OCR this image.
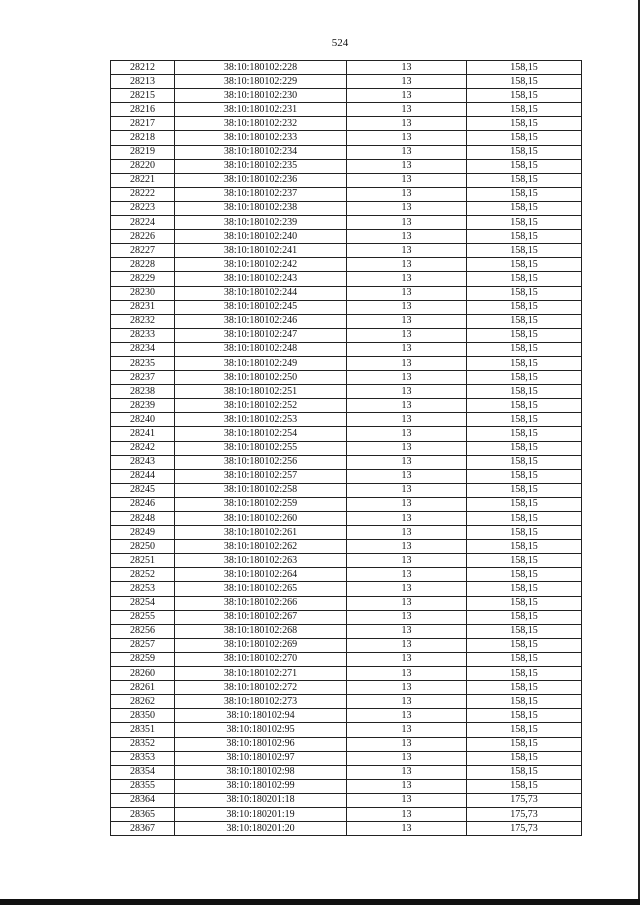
524
28212	38:10:180102:228	13	158,15
28213	38:10:180102:229	13	158,15
28215	38:10:180102:230	13	158,15
28216	38:10:180102:231	13	158,15
28217	38:10:180102:232	13	158,15
28218	38:10:180102:233	13	158,15
28219	38:10:180102:234	13	158,15
28220	38:10:180102:235	13	158,15
28221	38:10:180102:236	13	158,15
28222	38:10:180102:237	13	158,15
28223	38:10:180102:238	13	158,15
28224	38:10:180102:239	13	158,15
28226	38:10:180102:240	13	158,15
28227	38:10:180102:241	13	158,15
28228	38:10:180102:242	13	158,15
28229	38:10:180102:243	13	158,15
28230	38:10:180102:244	13	158,15
28231	38:10:180102:245	13	158,15
28232	38:10:180102:246	13	158,15
28233	38:10:180102:247	13	158,15
28234	38:10:180102:248	13	158,15
28235	38:10:180102:249	13	158,15
28237	38:10:180102:250	13	158,15
28238	38:10:180102:251	13	158,15
28239	38:10:180102:252	13	158,15
28240	38:10:180102:253	13	158,15
28241	38:10:180102:254	13	158,15
28242	38:10:180102:255	13	158,15
28243	38:10:180102:256	13	158,15
28244	38:10:180102:257	13	158,15
28245	38:10:180102:258	13	158,15
28246	38:10:180102:259	13	158,15
28248	38:10:180102:260	13	158,15
28249	38:10:180102:261	13	158,15
28250	38:10:180102:262	13	158,15
28251	38:10:180102:263	13	158,15
28252	38:10:180102:264	13	158,15
28253	38:10:180102:265	13	158,15
28254	38:10:180102:266	13	158,15
28255	38:10:180102:267	13	158,15
28256	38:10:180102:268	13	158,15
28257	38:10:180102:269	13	158,15
28259	38:10:180102:270	13	158,15
28260	38:10:180102:271	13	158,15
28261	38:10:180102:272	13	158,15
28262	38:10:180102:273	13	158,15
28350	38:10:180102:94	13	158,15
28351	38:10:180102:95	13	158,15
28352	38:10:180102:96	13	158,15
28353	38:10:180102:97	13	158,15
28354	38:10:180102:98	13	158,15
28355	38:10:180102:99	13	158,15
28364	38:10:180201:18	13	175,73
28365	38:10:180201:19	13	175,73
28367	38:10:180201:20	13	175,73
